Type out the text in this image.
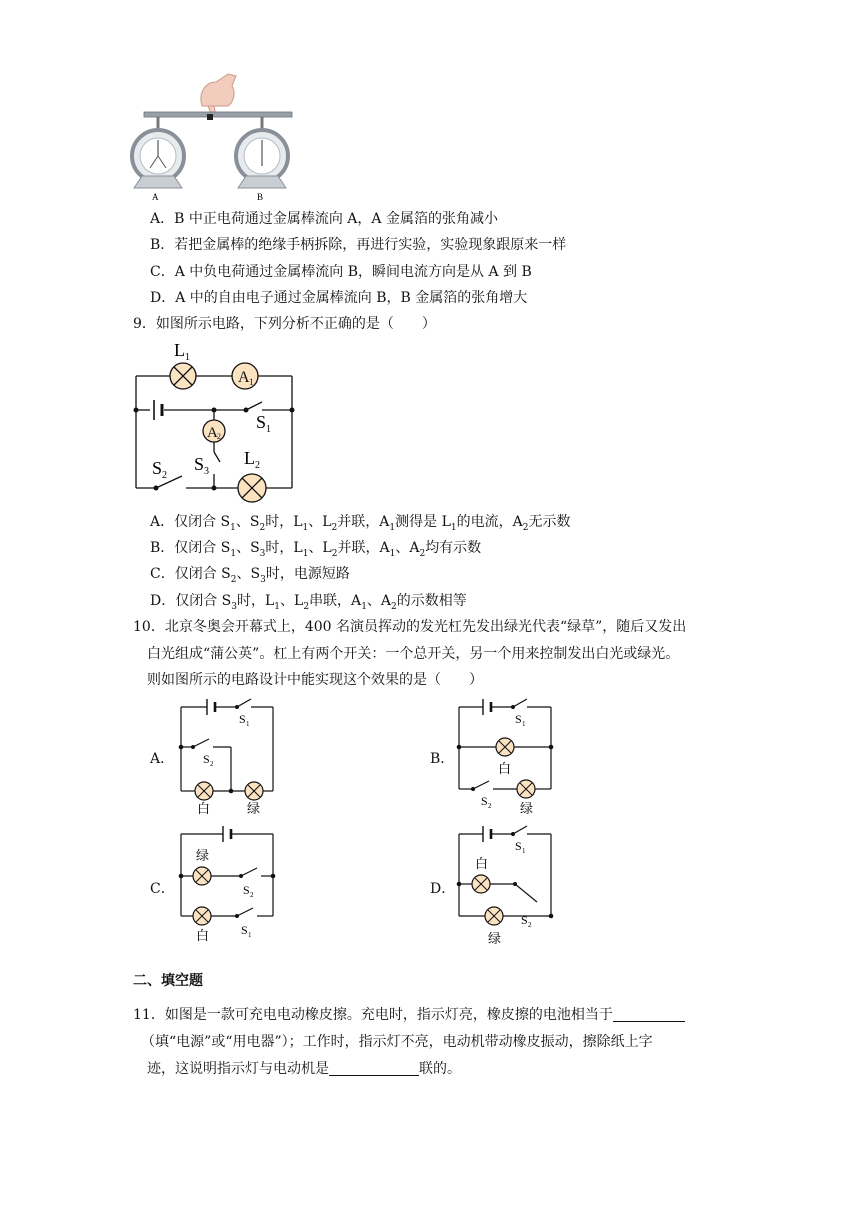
A	B
A．B 中正电荷通过金属棒流向 A，A 金属箔的张角减小
B．若把金属棒的绝缘手柄拆除，再进行实验，实验现象跟原来一样
C．A 中负电荷通过金属棒流向 B，瞬间电流方向是从 A 到 B
D．A 中的自由电子通过金属棒流向 B，B 金属箔的张角增大
9．如图所示电路，下列分析不正确的是（　　）
A 1
A 2
L 1
S 1
S 3
L 2
S 2
A．仅闭合 $S_1$、$S_2$时，$L_1$、$L_2$并联，$A_1$测得是 $L_1$的电流，$A_2$无示数
B．仅闭合 $S_1$、$S_3$时，$L_1$、$L_2$并联，$A_1$、$A_2$均有示数
C．仅闭合 $S_2$、$S_3$时，电源短路
D．仅闭合 $S_3$时，$L_1$、$L_2$串联，$A_1$、$A_2$的示数相等
10．北京冬奥会开幕式上，400 名演员挥动的发光杠先发出绿光代表“绿草”，随后又发出
白光组成“蒲公英”。杠上有两个开关：一个总开关，另一个用来控制发出白光或绿光。
则如图所示的电路设计中能实现这个效果的是（　　）
A．	B．
C．	D．
S 1
S 2
白	绿
S 1
白
S 2 绿
绿
S 2
白	S 1
S 1
白
S 2
绿
二、填空题
11．如图是一款可充电电动橡皮擦。充电时，指示灯亮，橡皮擦的电池相当于
（填“电源”或“用电器”）；工作时，指示灯不亮，电动机带动橡皮振动，擦除纸上字
迹，这说明指示灯与电动机是	联的。
